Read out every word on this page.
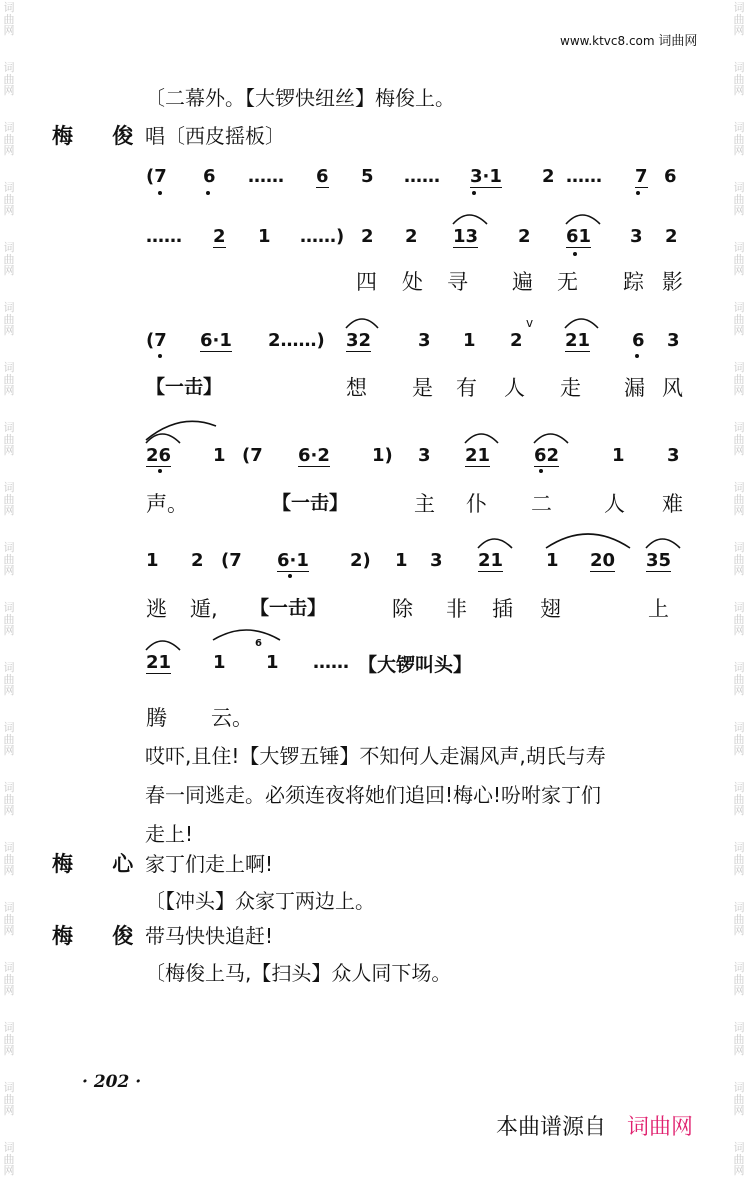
词
曲
网
词
曲
网
词
曲
网
词
曲
网
词
曲
网
词
曲
网
词
曲
网
词
曲
网
词
曲
网
词
曲
网
词
曲
网
词
曲
网
词
曲
网
词
曲
网
词
曲
网
词
曲
网
词
曲
网
词
曲
网
词
曲
网
词
曲
网
词
曲
网
词
曲
网
词
曲
网
词
曲
网
词
曲
网
词
曲
网
词
曲
网
词
曲
网
词
曲
网
词
曲
网
词
曲
网
词
曲
网
词
曲
网
词
曲
网
词
曲
网
词
曲
网
词
曲
网
词
曲
网
词
曲
网
词
曲
网
www.ktvc8.com 词曲网
〔二幕外。【大锣快纽丝】梅俊上。
梅 俊
唱〔西皮摇板〕
(7 6 …… 6 5 …… 3·1 2 …… 7 6
…… 2 1 ……) 2 2 13 2 61 3 2
四 处 寻 遍 无 踪 影
(7 6·1 2……) 32	3 1 2 21 6 3
v
【一击】	想 是 有 人 走 漏 风
26 1 (7 6·2 1) 3 21 62	1 3
声。	【一击】	主 仆 二 人 难
1 2 (7 6·1 2) 1 3 21 1 20 35
逃 遁, 【一击】	除 非 插 翅	上
21 1
6
1 …… 【大锣叫头】
腾 云。
哎吓,且住!【大锣五锤】不知何人走漏风声,胡氏与寿
春一同逃走。必须连夜将她们追回!梅心!吩咐家丁们
走上!
梅 心
家丁们走上啊!
〔【冲头】众家丁两边上。
梅 俊
带马快快追赶!
〔梅俊上马,【扫头】众人同下场。
· 202 ·
本曲谱源自 词曲网
